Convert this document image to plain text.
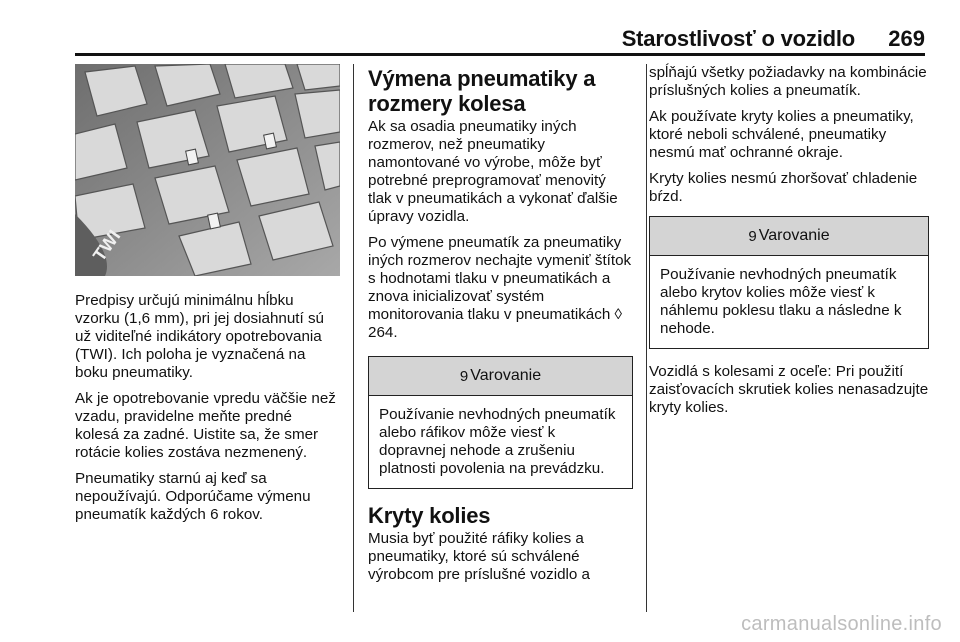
Starostlivosť o vozidlo 269
TWI

Predpisy určujú minimálnu hĺbku vzorku (1,6 mm), pri jej dosiahnutí sú už viditeľné indikátory opotrebovania (TWI). Ich poloha je vyznačená na boku pneumatiky.

Ak je opotrebovanie vpredu väčšie než vzadu, pravidelne meňte predné kolesá za zadné. Uistite sa, že smer rotácie kolies zostáva nezmenený.

Pneumatiky starnú aj keď sa nepoužívajú. Odporúčame výmenu pneumatík každých 6 rokov.

Výmena pneumatiky a rozmery kolesa

Ak sa osadia pneumatiky iných rozmerov, než pneumatiky namontované vo výrobe, môže byť potrebné preprogramovať menovitý tlak v pneumatikách a vykonať ďalšie úpravy vozidla.

Po výmene pneumatík za pneumatiky iných rozmerov nechajte vymeniť štítok s hodnotami tlaku v pneumatikách a znova inicializovať systém monitorovania tlaku v pneumatikách ◊ 264.

9 Varovanie

Používanie nevhodných pneumatík alebo ráfikov môže viesť k dopravnej nehode a zrušeniu platnosti povolenia na prevádzku.

Kryty kolies

Musia byť použité ráfiky kolies a pneumatiky, ktoré sú schválené výrobcom pre príslušné vozidlo a

spĺňajú všetky požiadavky na kombinácie príslušných kolies a pneumatík.

Ak používate kryty kolies a pneumatiky, ktoré neboli schválené, pneumatiky nesmú mať ochranné okraje.

Kryty kolies nesmú zhoršovať chladenie bŕzd.

9 Varovanie

Používanie nevhodných pneumatík alebo krytov kolies môže viesť k náhlemu poklesu tlaku a následne k nehode.

Vozidlá s kolesami z oceľe: Pri použití zaisťovacích skrutiek kolies nenasadzujte kryty kolies.

carmanualsonline.info
